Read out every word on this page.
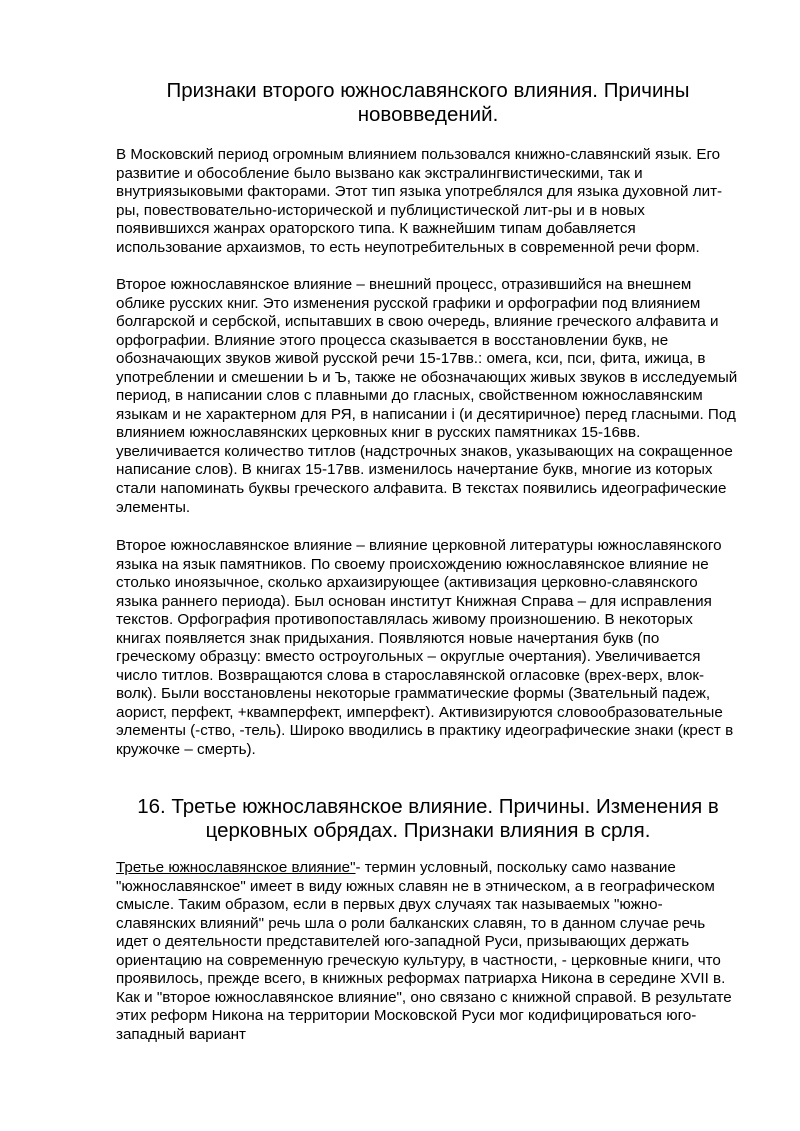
Признаки второго южнославянского влияния. Причины нововведений.

В Московский период огромным влиянием пользовался книжно-славянский язык. Его развитие и обособление было вызвано как экстралингвистическими, так и внутриязыковыми факторами. Этот тип языка употреблялся для языка духовной лит-ры, повествовательно-исторической и публицистической лит-ры и в новых появившихся жанрах ораторского типа. К важнейшим типам добавляется использование архаизмов, то есть неупотребительных в современной речи форм.

Второе южнославянское влияние – внешний процесс, отразившийся на внешнем облике русских книг. Это изменения русской графики и орфографии под влиянием болгарской и сербской, испытавших в свою очередь, влияние греческого алфавита и орфографии. Влияние этого процесса сказывается в восстановлении букв, не обозначающих звуков живой русской речи 15-17вв.: омега, кси, пси, фита, ижица, в употреблении и смешении Ь и Ъ, также не обозначающих живых звуков в исследуемый период, в написании слов с плавными до гласных, свойственном южнославянским языкам и не характерном для РЯ, в написании і (и десятиричное) перед гласными. Под влиянием южнославянских церковных книг в русских памятниках 15-16вв. увеличивается количество титлов (надстрочных знаков, указывающих на сокращенное написание слов). В книгах 15-17вв. изменилось начертание букв, многие из которых стали напоминать буквы греческого алфавита. В текстах появились идеографические элементы.

Второе южнославянское влияние – влияние церковной литературы южнославянского языка на язык памятников. По своему происхождению южнославянское влияние не столько иноязычное, сколько архаизирующее (активизация церковно-славянского языка раннего периода). Был основан институт Книжная Справа – для исправления текстов. Орфография противопоставлялась живому произношению. В некоторых книгах появляется знак придыхания. Появляются новые начертания букв (по греческому образцу: вместо остроугольных – округлые очертания). Увеличивается число титлов. Возвращаются слова в старославянской огласовке (врех-верх, влок-волк). Были восстановлены некоторые грамматические формы (Звательный падеж, аорист, перфект, +квамперфект, имперфект). Активизируются словообразовательные элементы (-ство, -тель). Широко вводились в практику идеографические знаки (крест в кружочке – смерть).

16. Третье южнославянское влияние. Причины. Изменения в церковных обрядах. Признаки влияния в срля.

Третье южнославянское влияние"- термин условный, поскольку само название "южнославянское" имеет в виду южных славян не в этническом, а в географическом смысле. Таким образом, если в первых двух случаях так называемых "южно-славянских влияний" речь шла о роли балканских славян, то в данном случае речь идет о деятельности представителей юго-западной Руси, призывающих держать ориентацию на современную греческую культуру, в частности, - церковные книги, что проявилось, прежде всего, в книжных реформах патриарха Никона в середине XVII в. Как и "второе южнославянское влияние", оно связано с книжной справой. В результате этих реформ Никона на территории Московской Руси мог кодифицироваться юго-западный вариант
